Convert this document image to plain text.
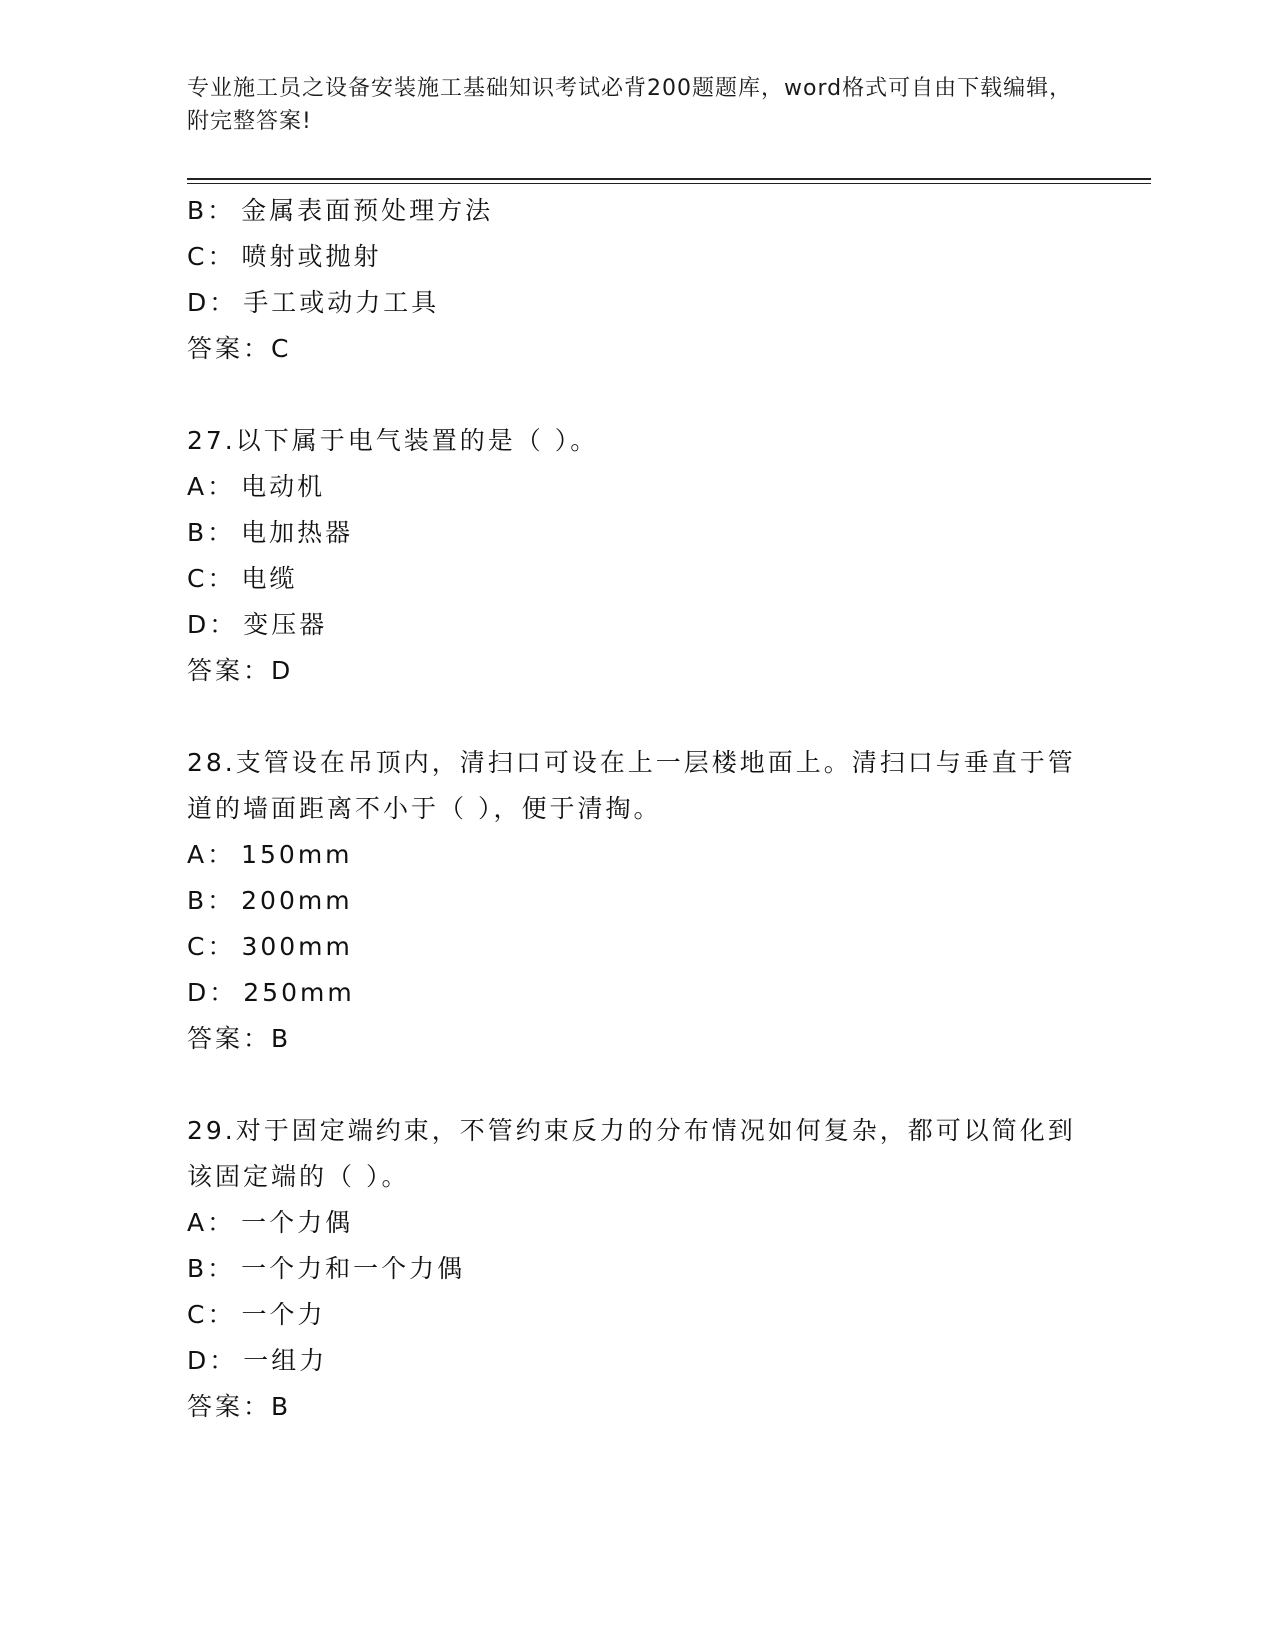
专业施工员之设备安装施工基础知识考试必背200题题库，word格式可自由下载编辑，附完整答案!
B： 金属表面预处理方法
C： 喷射或抛射
D： 手工或动力工具
答案：C
27.以下属于电气装置的是（ ）。
A： 电动机
B： 电加热器
C： 电缆
D： 变压器
答案：D
28.支管设在吊顶内，清扫口可设在上一层楼地面上。清扫口与垂直于管道的墙面距离不小于（ ），便于清掏。
A： 150mm
B： 200mm
C： 300mm
D： 250mm
答案：B
29.对于固定端约束，不管约束反力的分布情况如何复杂，都可以简化到该固定端的（ ）。
A： 一个力偶
B： 一个力和一个力偶
C： 一个力
D： 一组力
答案：B
